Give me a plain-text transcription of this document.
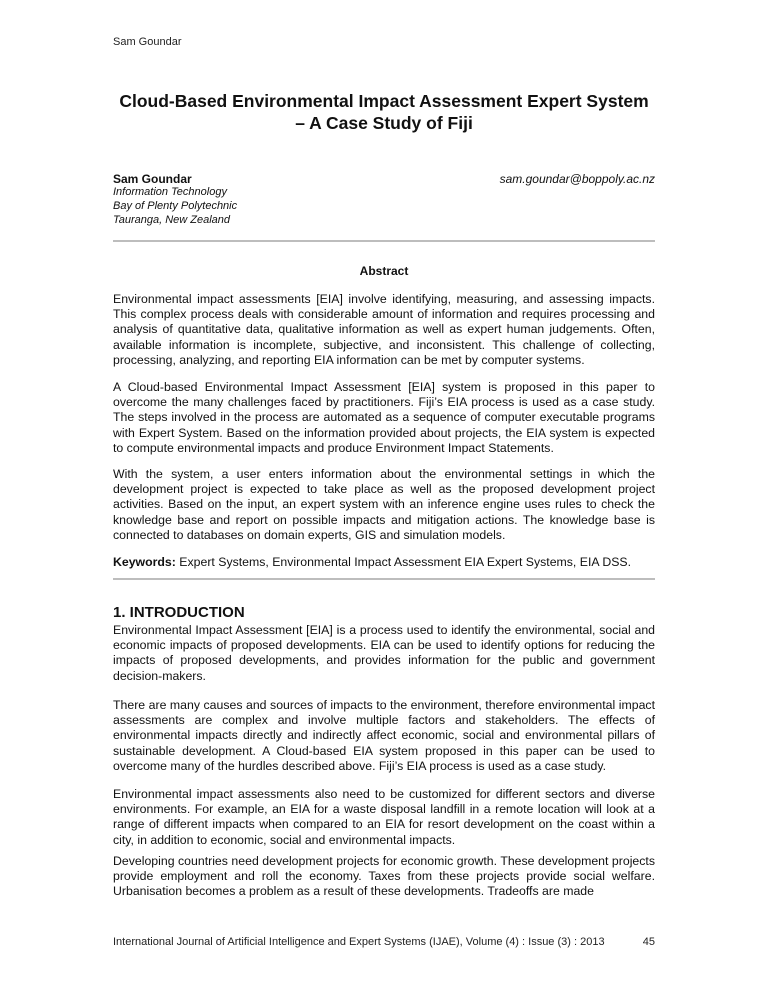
Sam Goundar
Cloud-Based Environmental Impact Assessment Expert System
– A Case Study of Fiji
Sam Goundar	sam.goundar@boppoly.ac.nz
Information Technology
Bay of Plenty Polytechnic
Tauranga, New Zealand
Abstract

Environmental impact assessments [EIA] involve identifying, measuring, and assessing impacts. This complex process deals with considerable amount of information and requires processing and analysis of quantitative data, qualitative information as well as expert human judgements. Often, available information is incomplete, subjective, and inconsistent. This challenge of collecting, processing, analyzing, and reporting EIA information can be met by computer systems.

A Cloud-based Environmental Impact Assessment [EIA] system is proposed in this paper to overcome the many challenges faced by practitioners. Fiji’s EIA process is used as a case study. The steps involved in the process are automated as a sequence of computer executable programs with Expert System. Based on the information provided about projects, the EIA system is expected to compute environmental impacts and produce Environment Impact Statements.

With the system, a user enters information about the environmental settings in which the development project is expected to take place as well as the proposed development project activities. Based on the input, an expert system with an inference engine uses rules to check the knowledge base and report on possible impacts and mitigation actions. The knowledge base is connected to databases on domain experts, GIS and simulation models.

Keywords: Expert Systems, Environmental Impact Assessment EIA Expert Systems, EIA DSS.

1. INTRODUCTION

Environmental Impact Assessment [EIA] is a process used to identify the environmental, social and economic impacts of proposed developments. EIA can be used to identify options for reducing the impacts of proposed developments, and provides information for the public and government decision-makers.

There are many causes and sources of impacts to the environment, therefore environmental impact assessments are complex and involve multiple factors and stakeholders. The effects of environmental impacts directly and indirectly affect economic, social and environmental pillars of sustainable development. A Cloud-based EIA system proposed in this paper can be used to overcome many of the hurdles described above. Fiji’s EIA process is used as a case study.

Environmental impact assessments also need to be customized for different sectors and diverse environments. For example, an EIA for a waste disposal landfill in a remote location will look at a range of different impacts when compared to an EIA for resort development on the coast within a city, in addition to economic, social and environmental impacts.

Developing countries need development projects for economic growth. These development projects provide employment and roll the economy. Taxes from these projects provide social welfare. Urbanisation becomes a problem as a result of these developments. Tradeoffs are made

International Journal of Artificial Intelligence and Expert Systems (IJAE), Volume (4) : Issue (3) : 2013	45
